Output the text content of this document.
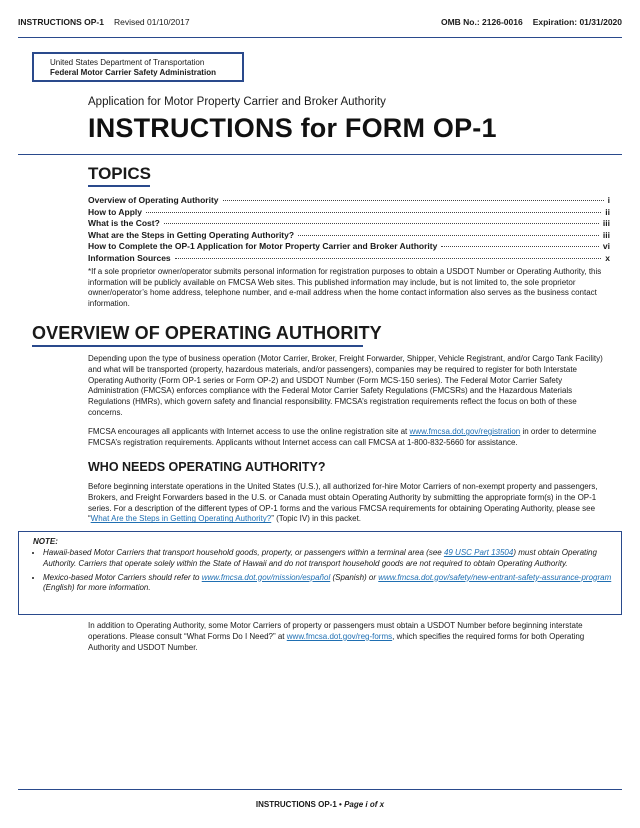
INSTRUCTIONS OP-1 Revised 01/10/2017	OMB No.: 2126-0016 Expiration: 01/31/2020
United States Department of Transportation
Federal Motor Carrier Safety Administration
Application for Motor Property Carrier and Broker Authority
INSTRUCTIONS for FORM OP-1
TOPICS
Overview of Operating Authority	i
How to Apply	ii
What is the Cost?	iii
What are the Steps in Getting Operating Authority?	iii
How to Complete the OP-1 Application for Motor Property Carrier and Broker Authority	vi
Information Sources	x
*If a sole proprietor owner/operator submits personal information for registration purposes to obtain a USDOT Number or Operating Authority, this information will be publicly available on FMCSA Web sites. This published information may include, but is not limited to, the sole proprietor owner/operator’s home address, telephone number, and e-mail address when the home contact information also serves as the business contact information.
OVERVIEW OF OPERATING AUTHORITY
Depending upon the type of business operation (Motor Carrier, Broker, Freight Forwarder, Shipper, Vehicle Registrant, and/or Cargo Tank Facility) and what will be transported (property, hazardous materials, and/or passengers), companies may be required to register for both Interstate Operating Authority (Form OP-1 series or Form OP-2) and USDOT Number (Form MCS-150 series). The Federal Motor Carrier Safety Administration (FMCSA) enforces compliance with the Federal Motor Carrier Safety Regulations (FMCSRs) and the Hazardous Materials Regulations (HMRs), which govern safety and financial responsibility. FMCSA’s registration requirements reflect the focus on both of these concerns.
FMCSA encourages all applicants with Internet access to use the online registration site at www.fmcsa.dot.gov/registration in order to determine FMCSA’s registration requirements. Applicants without Internet access can call FMCSA at 1-800-832-5660 for assistance.
WHO NEEDS OPERATING AUTHORITY?
Before beginning interstate operations in the United States (U.S.), all authorized for-hire Motor Carriers of non-exempt property and passengers, Brokers, and Freight Forwarders based in the U.S. or Canada must obtain Operating Authority by submitting the appropriate form(s) in the OP-1 series. For a description of the different types of OP-1 forms and the various FMCSA requirements for obtaining Operating Authority, please see “What Are the Steps in Getting Operating Authority?” (Topic IV) in this packet.
NOTE:
• Hawaii-based Motor Carriers that transport household goods, property, or passengers within a terminal area (see 49 USC Part 13504) must obtain Operating Authority. Carriers that operate solely within the State of Hawaii and do not transport household goods are not required to obtain Operating Authority.
• Mexico-based Motor Carriers should refer to www.fmcsa.dot.gov/mission/español (Spanish) or www.fmcsa.dot.gov/safety/new-entrant-safety-assurance-program (English) for more information.
In addition to Operating Authority, some Motor Carriers of property or passengers must obtain a USDOT Number before beginning interstate operations. Please consult “What Forms Do I Need?” at www.fmcsa.dot.gov/reg-forms, which specifies the required forms for both Operating Authority and USDOT Number.
INSTRUCTIONS OP-1 • Page i of x
